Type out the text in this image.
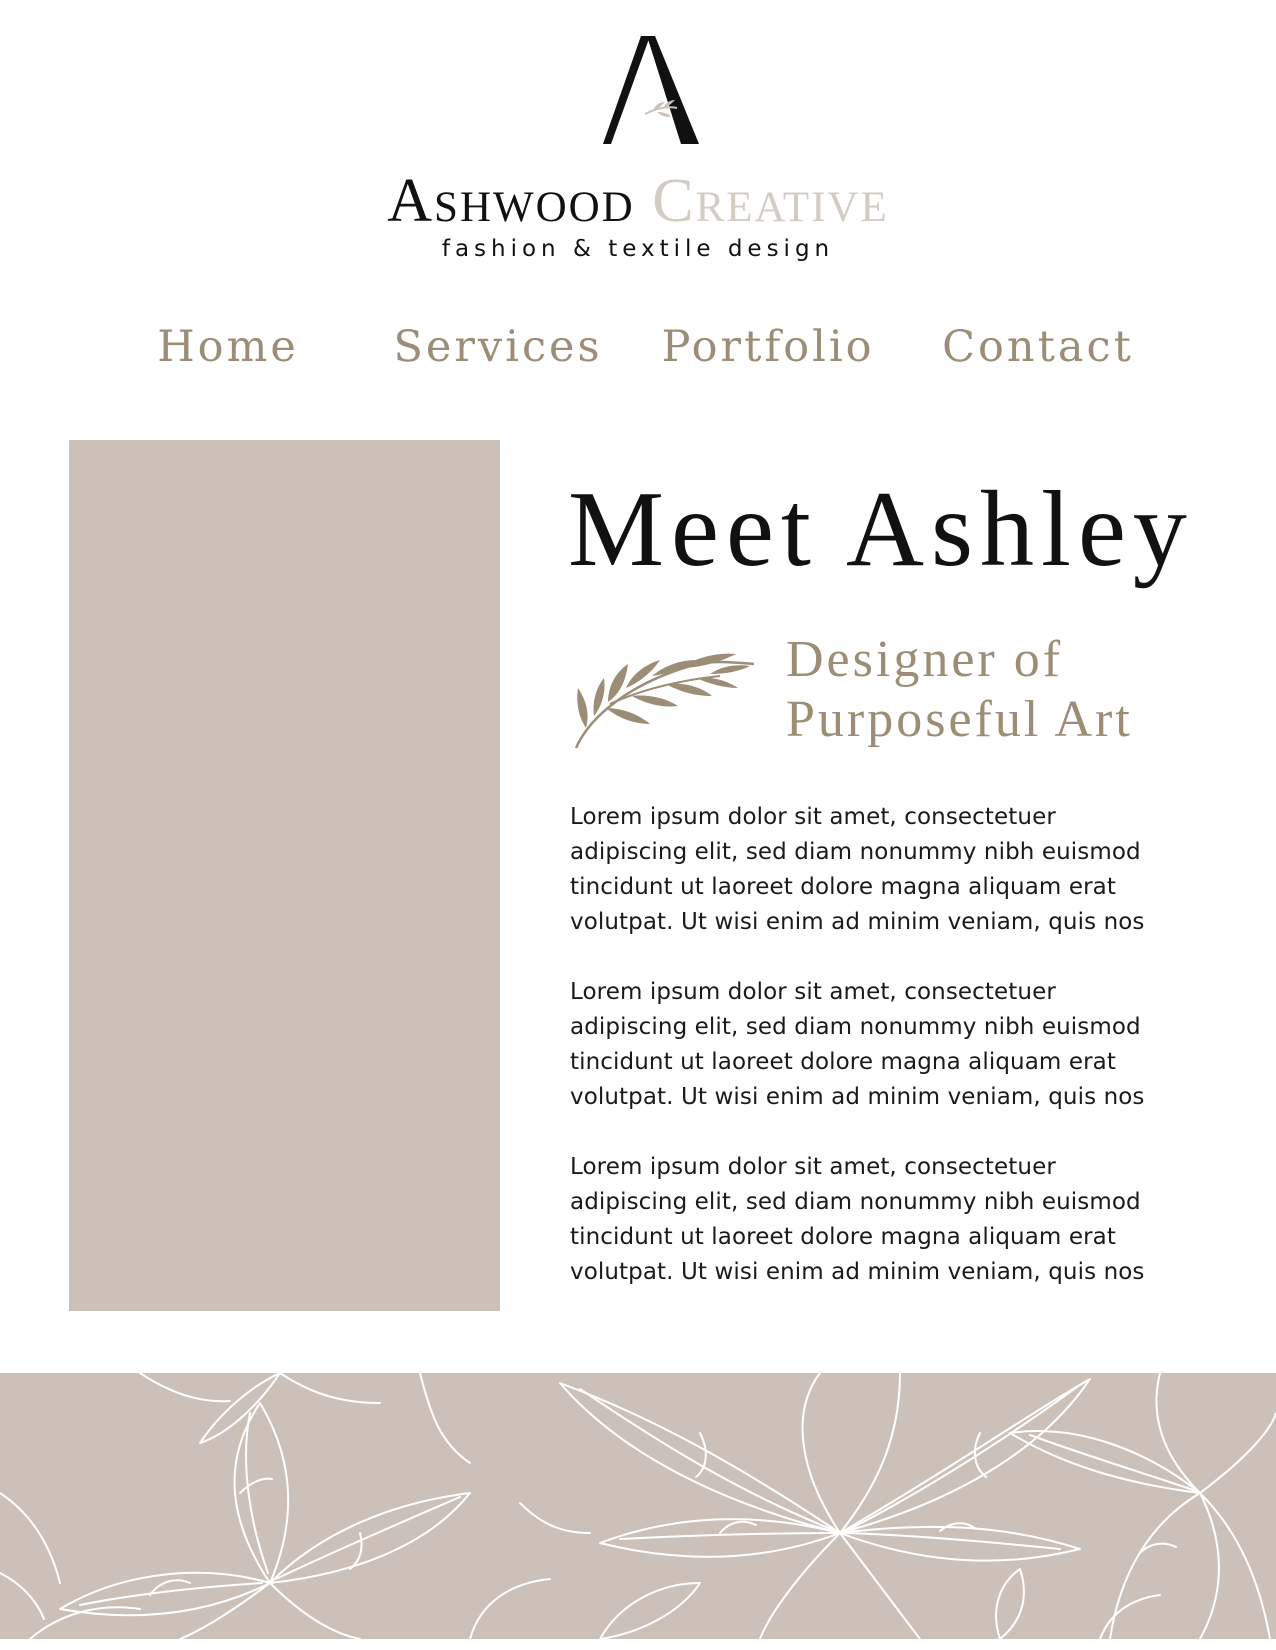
Ashwood Creative
fashion & textile design
Home	Services	Portfolio	Contact
Meet Ashley
Designer of
Purposeful Art
Lorem ipsum dolor sit amet, consectetuer
adipiscing elit, sed diam nonummy nibh euismod
tincidunt ut laoreet dolore magna aliquam erat
volutpat. Ut wisi enim ad minim veniam, quis nos
Lorem ipsum dolor sit amet, consectetuer
adipiscing elit, sed diam nonummy nibh euismod
tincidunt ut laoreet dolore magna aliquam erat
volutpat. Ut wisi enim ad minim veniam, quis nos
Lorem ipsum dolor sit amet, consectetuer
adipiscing elit, sed diam nonummy nibh euismod
tincidunt ut laoreet dolore magna aliquam erat
volutpat. Ut wisi enim ad minim veniam, quis nos
